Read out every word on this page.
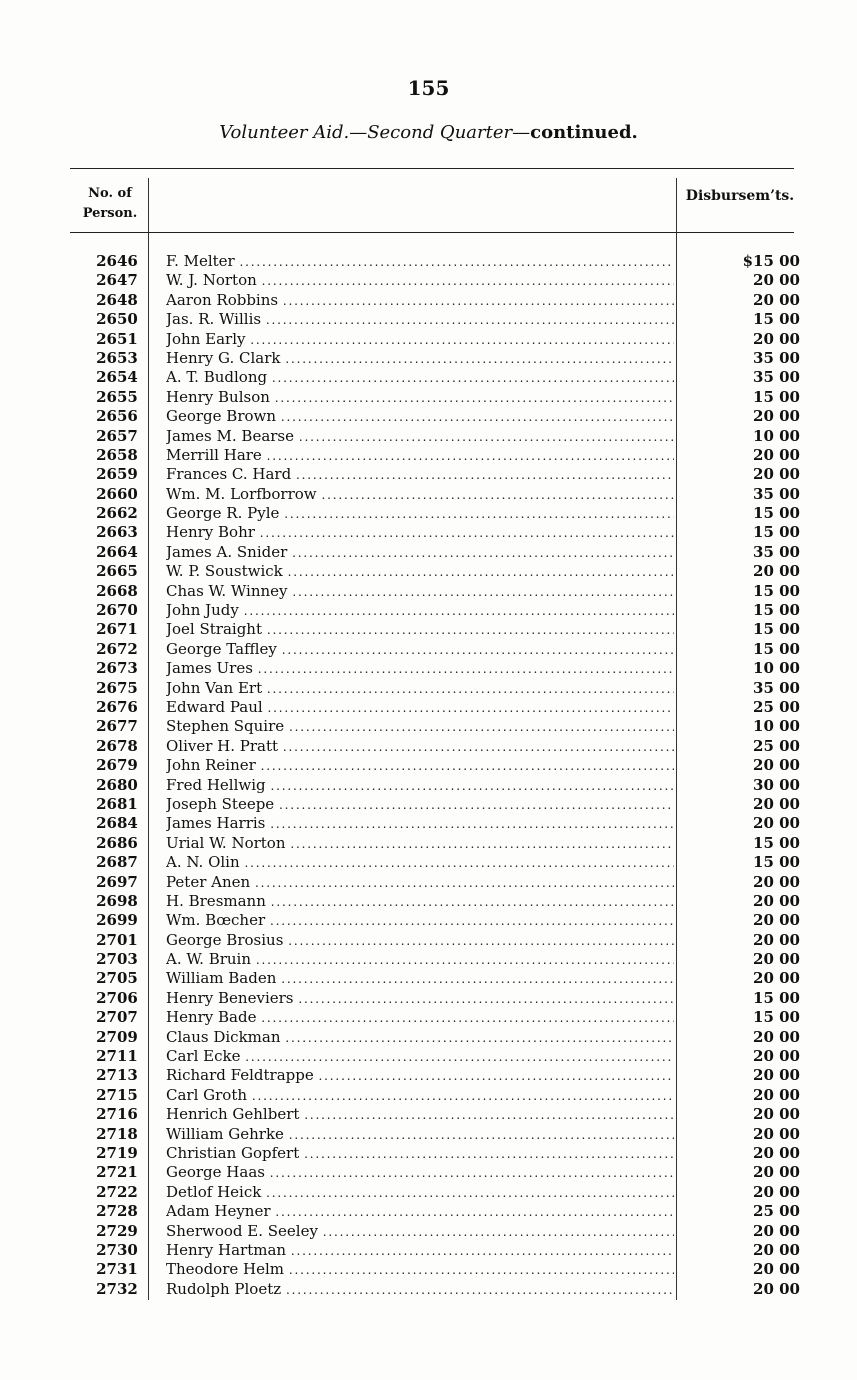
155
Volunteer Aid.—Second Quarter—continued.
No. of
Person.
Disbursem’ts.
2646	F. Melter . . .	$15 00
2647	W. J. Norton . . .	20 00
2648	Aaron Robbins . . .	20 00
2650	Jas. R. Willis . . .	15 00
2651	John Early . . .	20 00
2653	Henry G. Clark . . .	35 00
2654	A. T. Budlong . . .	35 00
2655	Henry Bulson . . .	15 00
2656	George Brown . . .	20 00
2657	James M. Bearse . . .	10 00
2658	Merrill Hare . . .	20 00
2659	Frances C. Hard . . .	20 00
2660	Wm. M. Lorfborrow . . .	35 00
2662	George R. Pyle . . .	15 00
2663	Henry Bohr . . .	15 00
2664	James A. Snider . . .	35 00
2665	W. P. Soustwick . . .	20 00
2668	Chas W. Winney . . .	15 00
2670	John Judy . . .	15 00
2671	Joel Straight . . .	15 00
2672	George Taffley . . .	15 00
2673	James Ures . . .	10 00
2675	John Van Ert . . .	35 00
2676	Edward Paul . . .	25 00
2677	Stephen Squire . . .	10 00
2678	Oliver H. Pratt . . .	25 00
2679	John Reiner . . .	20 00
2680	Fred Hellwig . . .	30 00
2681	Joseph Steepe . . .	20 00
2684	James Harris . . .	20 00
2686	Urial W. Norton . . .	15 00
2687	A. N. Olin . . .	15 00
2697	Peter Anen . . .	20 00
2698	H. Bresmann . . .	20 00
2699	Wm. Bœcher . . .	20 00
2701	George Brosius . . .	20 00
2703	A. W. Bruin . . .	20 00
2705	William Baden . . .	20 00
2706	Henry Beneviers . . .	15 00
2707	Henry Bade . . .	15 00
2709	Claus Dickman . . .	20 00
2711	Carl Ecke . . .	20 00
2713	Richard Feldtrappe . . .	20 00
2715	Carl Groth . . .	20 00
2716	Henrich Gehlbert . . .	20 00
2718	William Gehrke . . .	20 00
2719	Christian Gopfert . . .	20 00
2721	George Haas . . .	20 00
2722	Detlof Heick . . .	20 00
2728	Adam Heyner . . .	25 00
2729	Sherwood E. Seeley . . .	20 00
2730	Henry Hartman . . .	20 00
2731	Theodore Helm . . .	20 00
2732	Rudolph Ploetz . . .	20 00
